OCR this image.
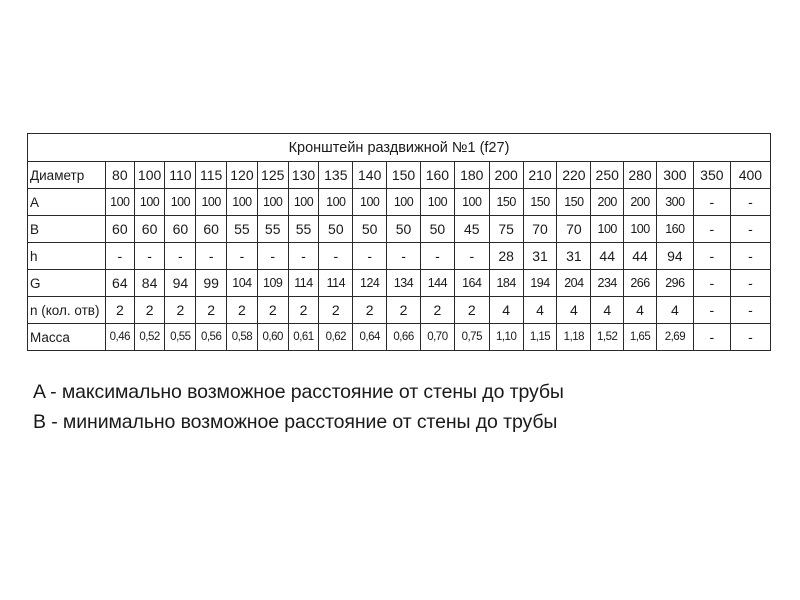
Кронштейн раздвижной №1 (f27)																				
Диаметр	80	100	110	115	120	125	130	135	140	150	160	180	200	210	220	250	280	300	350	400
A	100	100	100	100	100	100	100	100	100	100	100	100	150	150	150	200	200	300	-	-
B	60	60	60	60	55	55	55	50	50	50	50	45	75	70	70	100	100	160	-	-
h	-	-	-	-	-	-	-	-	-	-	-	-	28	31	31	44	44	94	-	-
G	64	84	94	99	104	109	114	114	124	134	144	164	184	194	204	234	266	296	-	-
n (кол. отв)	2	2	2	2	2	2	2	2	2	2	2	2	4	4	4	4	4	4	-	-
Масса	0,46	0,52	0,55	0,56	0,58	0,60	0,61	0,62	0,64	0,66	0,70	0,75	1,10	1,15	1,18	1,52	1,65	2,69	-	-
A - максимально возможное расстояние от стены до трубы
B - минимально возможное расстояние от стены до трубы
